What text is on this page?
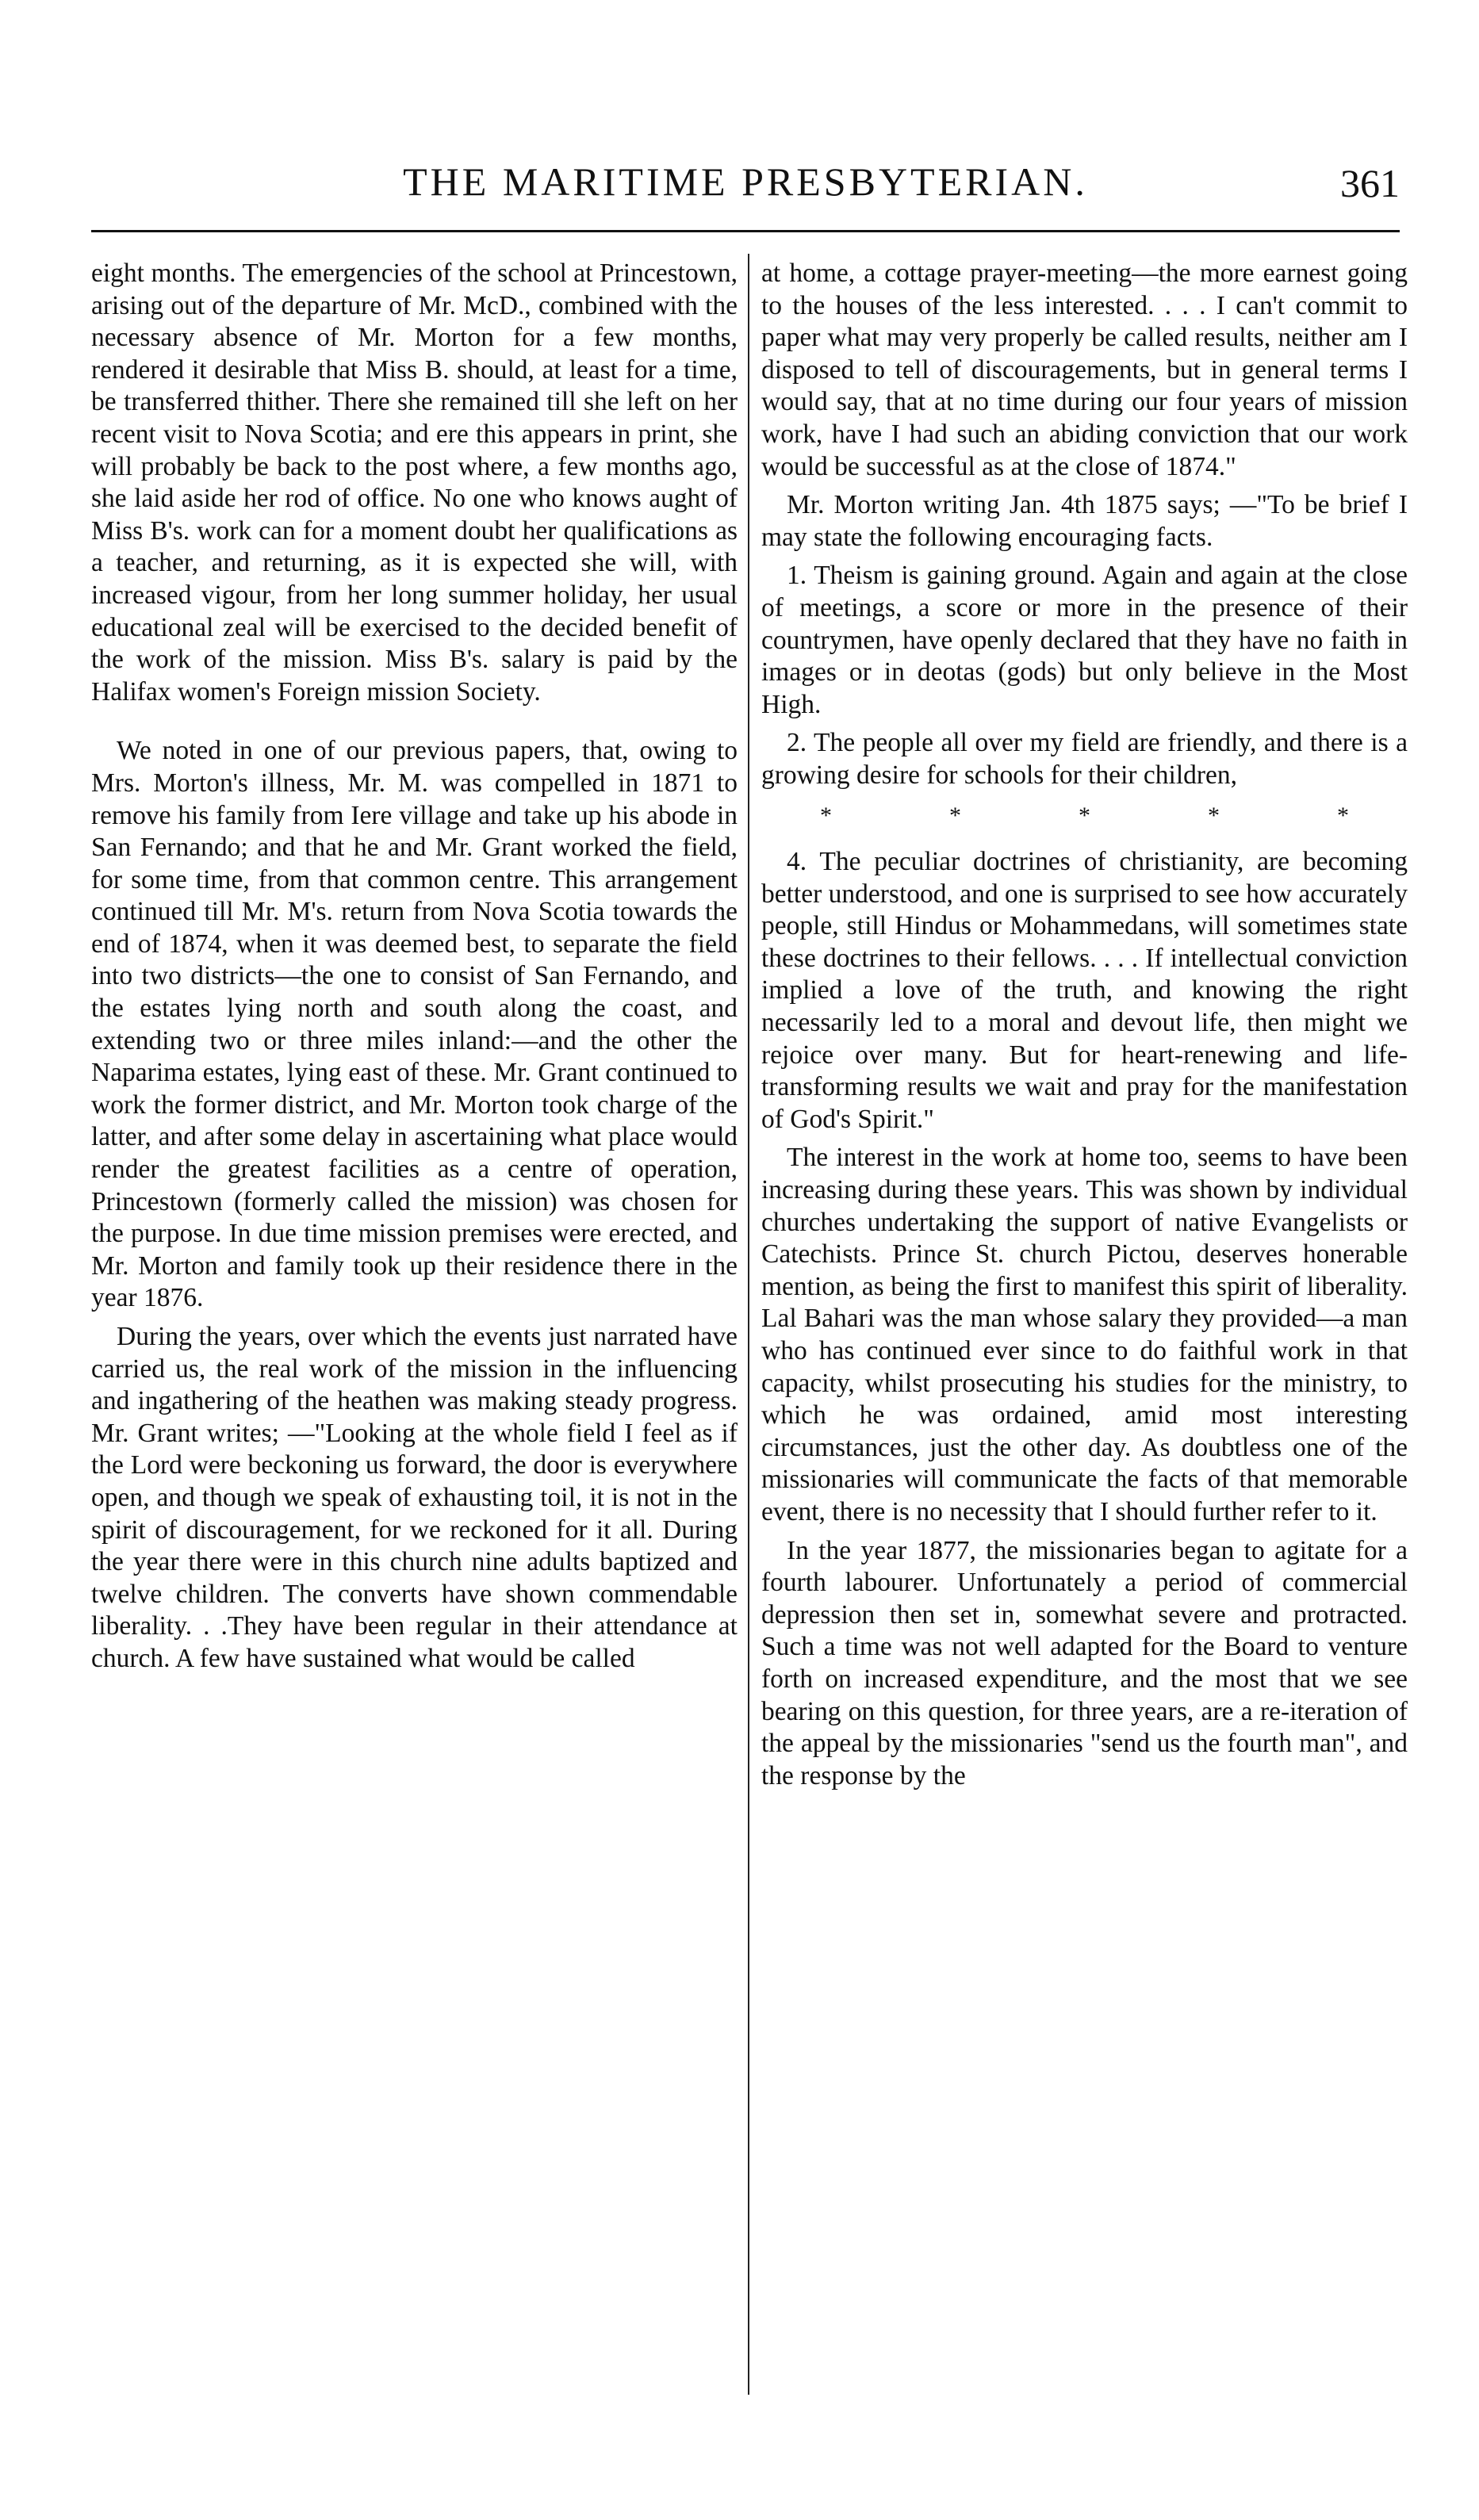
THE MARITIME PRESBYTERIAN.	361

eight months. The emergencies of the school at Princestown, arising out of the departure of Mr. McD., combined with the necessary absence of Mr. Morton for a few months, rendered it desirable that Miss B. should, at least for a time, be transferred thither. There she remained till she left on her recent visit to Nova Scotia; and ere this appears in print, she will probably be back to the post where, a few months ago, she laid aside her rod of office. No one who knows aught of Miss B's. work can for a moment doubt her qualifications as a teacher, and returning, as it is expected she will, with increased vigour, from her long summer holiday, her usual educational zeal will be exercised to the decided benefit of the work of the mission. Miss B's. salary is paid by the Halifax women's Foreign mission Society.

We noted in one of our previous papers, that, owing to Mrs. Morton's illness, Mr. M. was compelled in 1871 to remove his family from Iere village and take up his abode in San Fernando; and that he and Mr. Grant worked the field, for some time, from that common centre. This arrangement continued till Mr. M's. return from Nova Scotia towards the end of 1874, when it was deemed best, to separate the field into two districts—the one to consist of San Fernando, and the estates lying north and south along the coast, and extending two or three miles inland:—and the other the Naparima estates, lying east of these. Mr. Grant continued to work the former district, and Mr. Morton took charge of the latter, and after some delay in ascertaining what place would render the greatest facilities as a centre of operation, Princestown (formerly called the mission) was chosen for the purpose. In due time mission premises were erected, and Mr. Morton and family took up their residence there in the year 1876.

During the years, over which the events just narrated have carried us, the real work of the mission in the influencing and ingathering of the heathen was making steady progress. Mr. Grant writes; —"Looking at the whole field I feel as if the Lord were beckoning us forward, the door is everywhere open, and though we speak of exhausting toil, it is not in the spirit of discouragement, for we reckoned for it all. During the year there were in this church nine adults baptized and twelve children. The converts have shown commendable liberality. . .They have been regular in their attendance at church. A few have sustained what would be called

at home, a cottage prayer-meeting—the more earnest going to the houses of the less interested. . . . I can't commit to paper what may very properly be called results, neither am I disposed to tell of discouragements, but in general terms I would say, that at no time during our four years of mission work, have I had such an abiding conviction that our work would be successful as at the close of 1874."

Mr. Morton writing Jan. 4th 1875 says; —"To be brief I may state the following encouraging facts.

1. Theism is gaining ground. Again and again at the close of meetings, a score or more in the presence of their countrymen, have openly declared that they have no faith in images or in deotas (gods) but only believe in the Most High.

2. The people all over my field are friendly, and there is a growing desire for schools for their children,

*	*	*	*	*

4. The peculiar doctrines of christianity, are becoming better understood, and one is surprised to see how accurately people, still Hindus or Mohammedans, will sometimes state these doctrines to their fellows. . . . If intellectual conviction implied a love of the truth, and knowing the right necessarily led to a moral and devout life, then might we rejoice over many. But for heart-renewing and life-transforming results we wait and pray for the manifestation of God's Spirit."

The interest in the work at home too, seems to have been increasing during these years. This was shown by individual churches undertaking the support of native Evangelists or Catechists. Prince St. church Pictou, deserves honerable mention, as being the first to manifest this spirit of liberality. Lal Bahari was the man whose salary they provided—a man who has continued ever since to do faithful work in that capacity, whilst prosecuting his studies for the ministry, to which he was ordained, amid most interesting circumstances, just the other day. As doubtless one of the missionaries will communicate the facts of that memorable event, there is no necessity that I should further refer to it.

In the year 1877, the missionaries began to agitate for a fourth labourer. Unfortunately a period of commercial depression then set in, somewhat severe and protracted. Such a time was not well adapted for the Board to venture forth on increased expenditure, and the most that we see bearing on this question, for three years, are a re-iteration of the appeal by the missionaries "send us the fourth man", and the response by the
